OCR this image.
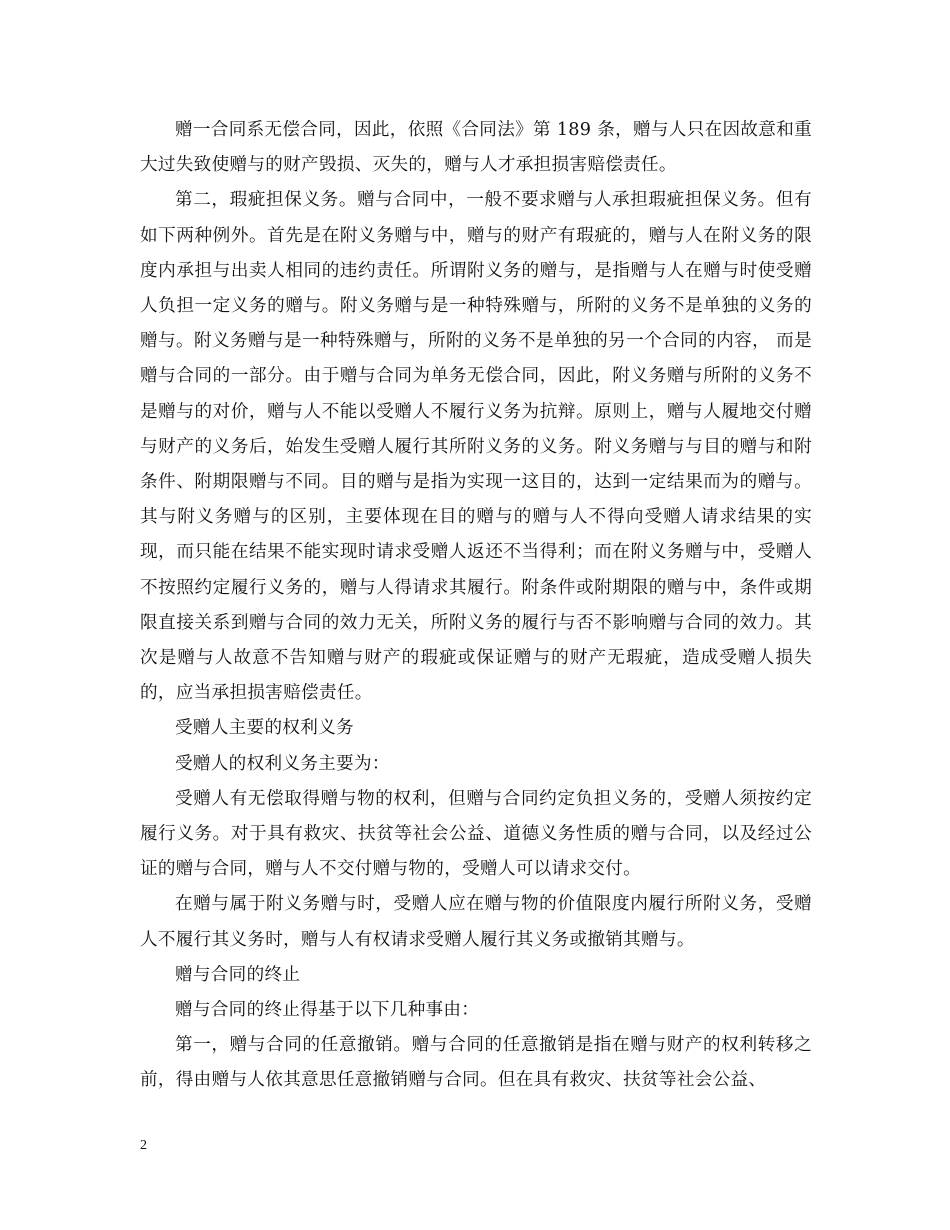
赠一合同系无偿合同，因此，依照《合同法》第 189 条，赠与人只在因故意和重大过失致使赠与的财产毁损、灭失的，赠与人才承担损害赔偿责任。

第二，瑕疵担保义务。赠与合同中，一般不要求赠与人承担瑕疵担保义务。但有如下两种例外。首先是在附义务赠与中，赠与的财产有瑕疵的，赠与人在附义务的限度内承担与出卖人相同的违约责任。所谓附义务的赠与，是指赠与人在赠与时使受赠人负担一定义务的赠与。附义务赠与是一种特殊赠与，所附的义务不是单独的义务的赠与。附义务赠与是一种特殊赠与，所附的义务不是单独的另一个合同的内容， 而是赠与合同的一部分。由于赠与合同为单务无偿合同，因此，附义务赠与所附的义务不是赠与的对价，赠与人不能以受赠人不履行义务为抗辩。原则上，赠与人履地交付赠与财产的义务后，始发生受赠人履行其所附义务的义务。附义务赠与与目的赠与和附条件、附期限赠与不同。目的赠与是指为实现一这目的，达到一定结果而为的赠与。其与附义务赠与的区别，主要体现在目的赠与的赠与人不得向受赠人请求结果的实现，而只能在结果不能实现时请求受赠人返还不当得利；而在附义务赠与中，受赠人不按照约定履行义务的，赠与人得请求其履行。附条件或附期限的赠与中，条件或期限直接关系到赠与合同的效力无关，所附义务的履行与否不影响赠与合同的效力。其次是赠与人故意不告知赠与财产的瑕疵或保证赠与的财产无瑕疵，造成受赠人损失的，应当承担损害赔偿责任。

受赠人主要的权利义务

受赠人的权利义务主要为：

受赠人有无偿取得赠与物的权利，但赠与合同约定负担义务的，受赠人须按约定履行义务。对于具有救灾、扶贫等社会公益、道德义务性质的赠与合同，以及经过公证的赠与合同，赠与人不交付赠与物的，受赠人可以请求交付。

在赠与属于附义务赠与时，受赠人应在赠与物的价值限度内履行所附义务，受赠人不履行其义务时，赠与人有权请求受赠人履行其义务或撤销其赠与。

赠与合同的终止

赠与合同的终止得基于以下几种事由：

第一，赠与合同的任意撤销。赠与合同的任意撤销是指在赠与财产的权利转移之前，得由赠与人依其意思任意撤销赠与合同。但在具有救灾、扶贫等社会公益、

2
